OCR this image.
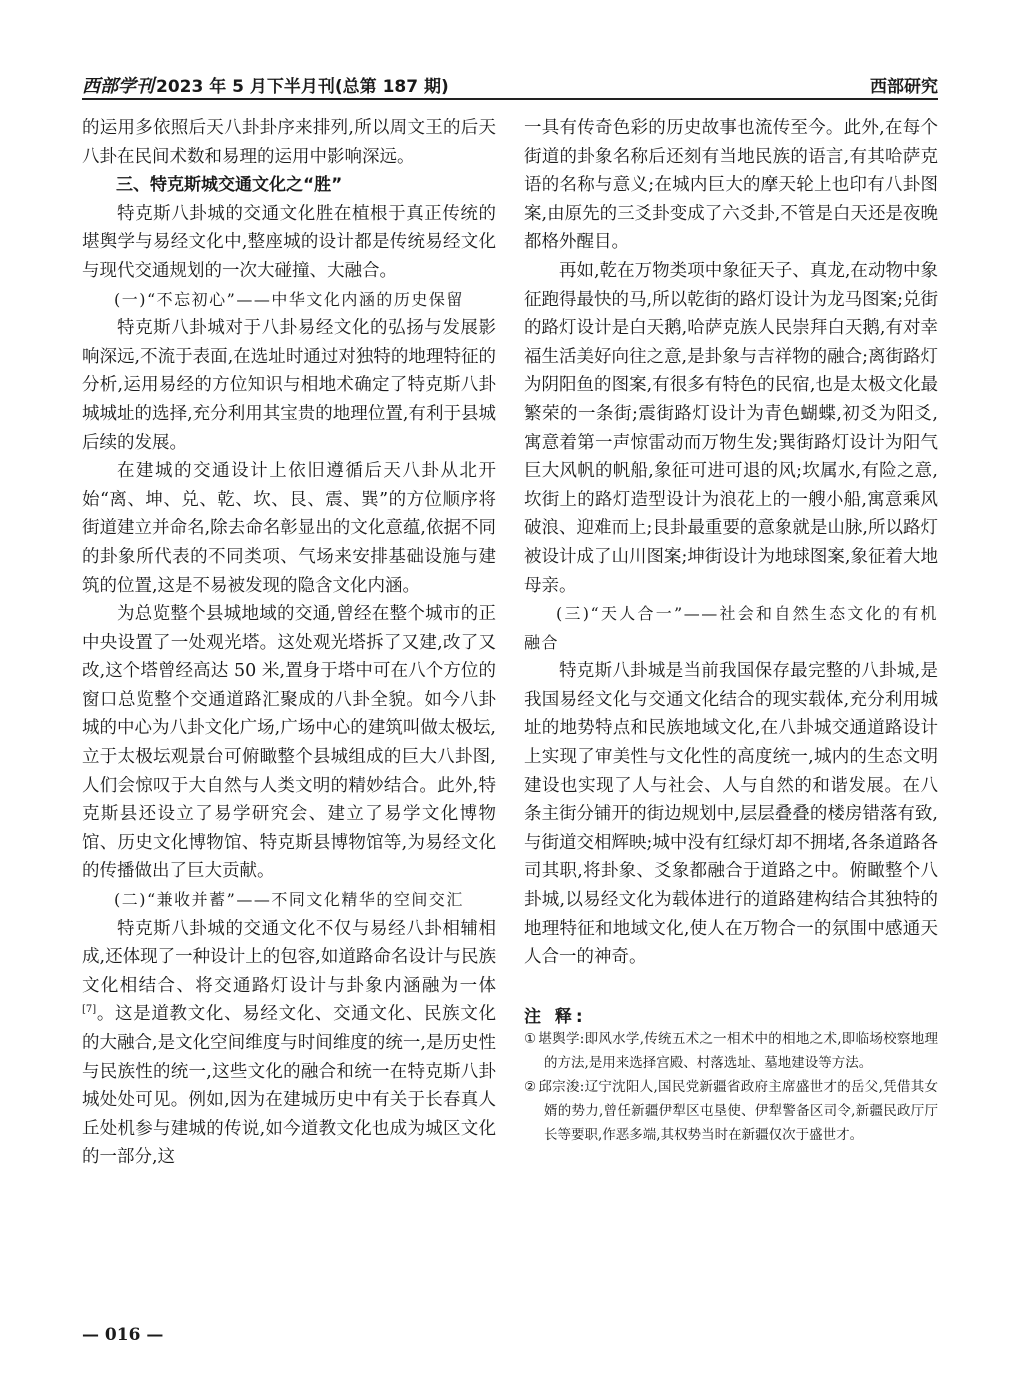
西部学刊 2023 年 5 月下半月刊(总第 187 期)	西部研究

的运用多依照后天八卦卦序来排列,所以周文王的后天八卦在民间术数和易理的运用中影响深远。

三、特克斯城交通文化之“胜”

特克斯八卦城的交通文化胜在植根于真正传统的堪舆学与易经文化中,整座城的设计都是传统易经文化与现代交通规划的一次大碰撞、大融合。

(一)“不忘初心”——中华文化内涵的历史保留

特克斯八卦城对于八卦易经文化的弘扬与发展影响深远,不流于表面,在选址时通过对独特的地理特征的分析,运用易经的方位知识与相地术确定了特克斯八卦城城址的选择,充分利用其宝贵的地理位置,有利于县城后续的发展。

在建城的交通设计上依旧遵循后天八卦从北开始“离、坤、兑、乾、坎、艮、震、巽”的方位顺序将街道建立并命名,除去命名彰显出的文化意蕴,依据不同的卦象所代表的不同类项、气场来安排基础设施与建筑的位置,这是不易被发现的隐含文化内涵。

为总览整个县城地域的交通,曾经在整个城市的正中央设置了一处观光塔。这处观光塔拆了又建,改了又改,这个塔曾经高达 50 米,置身于塔中可在八个方位的窗口总览整个交通道路汇聚成的八卦全貌。如今八卦城的中心为八卦文化广场,广场中心的建筑叫做太极坛,立于太极坛观景台可俯瞰整个县城组成的巨大八卦图,人们会惊叹于大自然与人类文明的精妙结合。此外,特克斯县还设立了易学研究会、建立了易学文化博物馆、历史文化博物馆、特克斯县博物馆等,为易经文化的传播做出了巨大贡献。

(二)“兼收并蓄”——不同文化精华的空间交汇

特克斯八卦城的交通文化不仅与易经八卦相辅相成,还体现了一种设计上的包容,如道路命名设计与民族文化相结合、将交通路灯设计与卦象内涵融为一体[7]。这是道教文化、易经文化、交通文化、民族文化的大融合,是文化空间维度与时间维度的统一,是历史性与民族性的统一,这些文化的融合和统一在特克斯八卦城处处可见。例如,因为在建城历史中有关于长春真人丘处机参与建城的传说,如今道教文化也成为城区文化的一部分,这

一具有传奇色彩的历史故事也流传至今。此外,在每个街道的卦象名称后还刻有当地民族的语言,有其哈萨克语的名称与意义;在城内巨大的摩天轮上也印有八卦图案,由原先的三爻卦变成了六爻卦,不管是白天还是夜晚都格外醒目。

再如,乾在万物类项中象征天子、真龙,在动物中象征跑得最快的马,所以乾街的路灯设计为龙马图案;兑街的路灯设计是白天鹅,哈萨克族人民崇拜白天鹅,有对幸福生活美好向往之意,是卦象与吉祥物的融合;离街路灯为阴阳鱼的图案,有很多有特色的民宿,也是太极文化最繁荣的一条街;震街路灯设计为青色蝴蝶,初爻为阳爻,寓意着第一声惊雷动而万物生发;巽街路灯设计为阳气巨大风帆的帆船,象征可进可退的风;坎属水,有险之意,坎街上的路灯造型设计为浪花上的一艘小船,寓意乘风破浪、迎难而上;艮卦最重要的意象就是山脉,所以路灯被设计成了山川图案;坤街设计为地球图案,象征着大地母亲。

(三)“天人合一”——社会和自然生态文化的有机融合

特克斯八卦城是当前我国保存最完整的八卦城,是我国易经文化与交通文化结合的现实载体,充分利用城址的地势特点和民族地域文化,在八卦城交通道路设计上实现了审美性与文化性的高度统一,城内的生态文明建设也实现了人与社会、人与自然的和谐发展。在八条主街分铺开的街边规划中,层层叠叠的楼房错落有致,与街道交相辉映;城中没有红绿灯却不拥堵,各条道路各司其职,将卦象、爻象都融合于道路之中。俯瞰整个八卦城,以易经文化为载体进行的道路建构结合其独特的地理特征和地域文化,使人在万物合一的氛围中感通天人合一的神奇。

注 释:

① 堪舆学:即风水学,传统五术之一相术中的相地之术,即临场校察地理的方法,是用来选择宫殿、村落选址、墓地建设等方法。

② 邱宗浚:辽宁沈阳人,国民党新疆省政府主席盛世才的岳父,凭借其女婿的势力,曾任新疆伊犁区屯垦使、伊犁警备区司令,新疆民政厅厅长等要职,作恶多端,其权势当时在新疆仅次于盛世才。

— 016 —
